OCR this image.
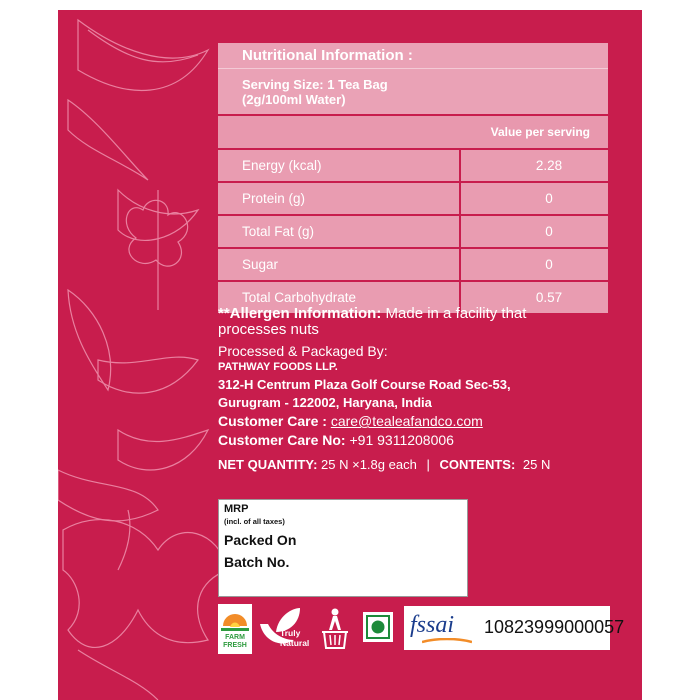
Nutritional Information :	

Serving Size: 1 Tea Bag
(2g/100ml Water)	

Value per serving	
Energy (kcal)	2.28
Protein (g)	0
Total Fat (g)	0
Sugar	0
Total Carbohydrate	0.57
**Allergen Information: Made in a facility that
processes nuts
Processed & Packaged By:
PATHWAY FOODS LLP.
312-H Centrum Plaza Golf Course Road Sec-53,
Gurugram - 122002, Haryana, India
Customer Care : care@tealeafandco.com
Customer Care No: +91 9311208006
NET QUANTITY: 25 N ×1.8g each | CONTENTS: 25 N
MRP
(incl. of all taxes)
Packed On
Batch No.
FARM
FRESH
Truly
Natural
fssai 10823999000057
